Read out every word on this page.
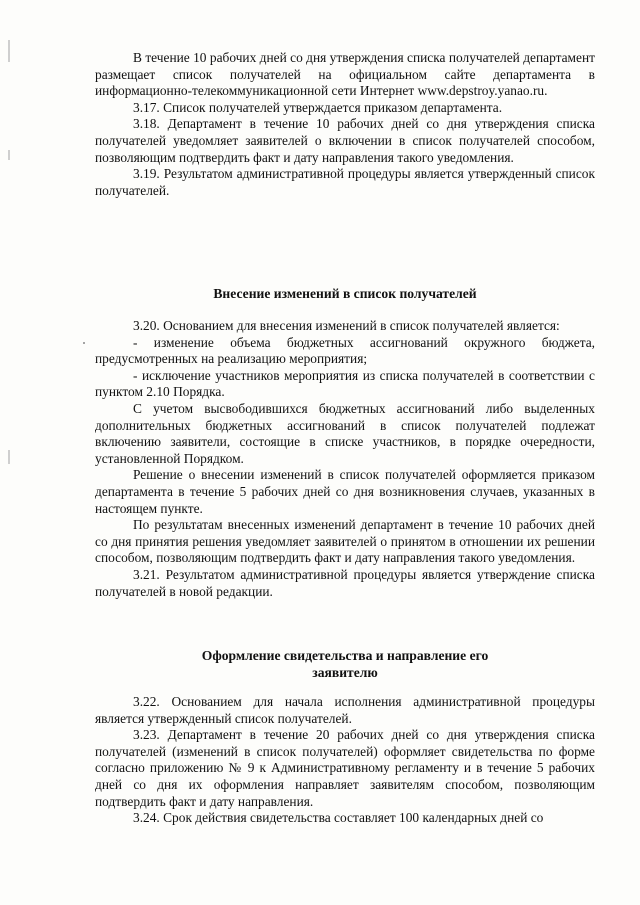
В течение 10 рабочих дней со дня утверждения списка получателей департамент размещает список получателей на официальном сайте департамента в информационно-телекоммуникационной сети Интернет www.depstroy.yanao.ru.

3.17. Список получателей утверждается приказом департамента.

3.18. Департамент в течение 10 рабочих дней со дня утверждения списка получателей уведомляет заявителей о включении в список получателей способом, позволяющим подтвердить факт и дату направления такого уведомления.

3.19. Результатом административной процедуры является утвержденный список получателей.

Внесение изменений в список получателей

3.20. Основанием для внесения изменений в список получателей является:

- изменение объема бюджетных ассигнований окружного бюджета, предусмотренных на реализацию мероприятия;

- исключение участников мероприятия из списка получателей в соответствии с пунктом 2.10 Порядка.

С учетом высвободившихся бюджетных ассигнований либо выделенных дополнительных бюджетных ассигнований в список получателей подлежат включению заявители, состоящие в списке участников, в порядке очередности, установленной Порядком.

Решение о внесении изменений в список получателей оформляется приказом департамента в течение 5 рабочих дней со дня возникновения случаев, указанных в настоящем пункте.

По результатам внесенных изменений департамент в течение 10 рабочих дней со дня принятия решения уведомляет заявителей о принятом в отношении их решении способом, позволяющим подтвердить факт и дату направления такого уведомления.

3.21. Результатом административной процедуры является утверждение списка получателей в новой редакции.

Оформление свидетельства и направление его
заявителю

3.22. Основанием для начала исполнения административной процедуры является утвержденный список получателей.

3.23. Департамент в течение 20 рабочих дней со дня утверждения списка получателей (изменений в список получателей) оформляет свидетельства по форме согласно приложению № 9 к Административному регламенту и в течение 5 рабочих дней со дня их оформления направляет заявителям способом, позволяющим подтвердить факт и дату направления.

3.24. Срок действия свидетельства составляет 100 календарных дней со
